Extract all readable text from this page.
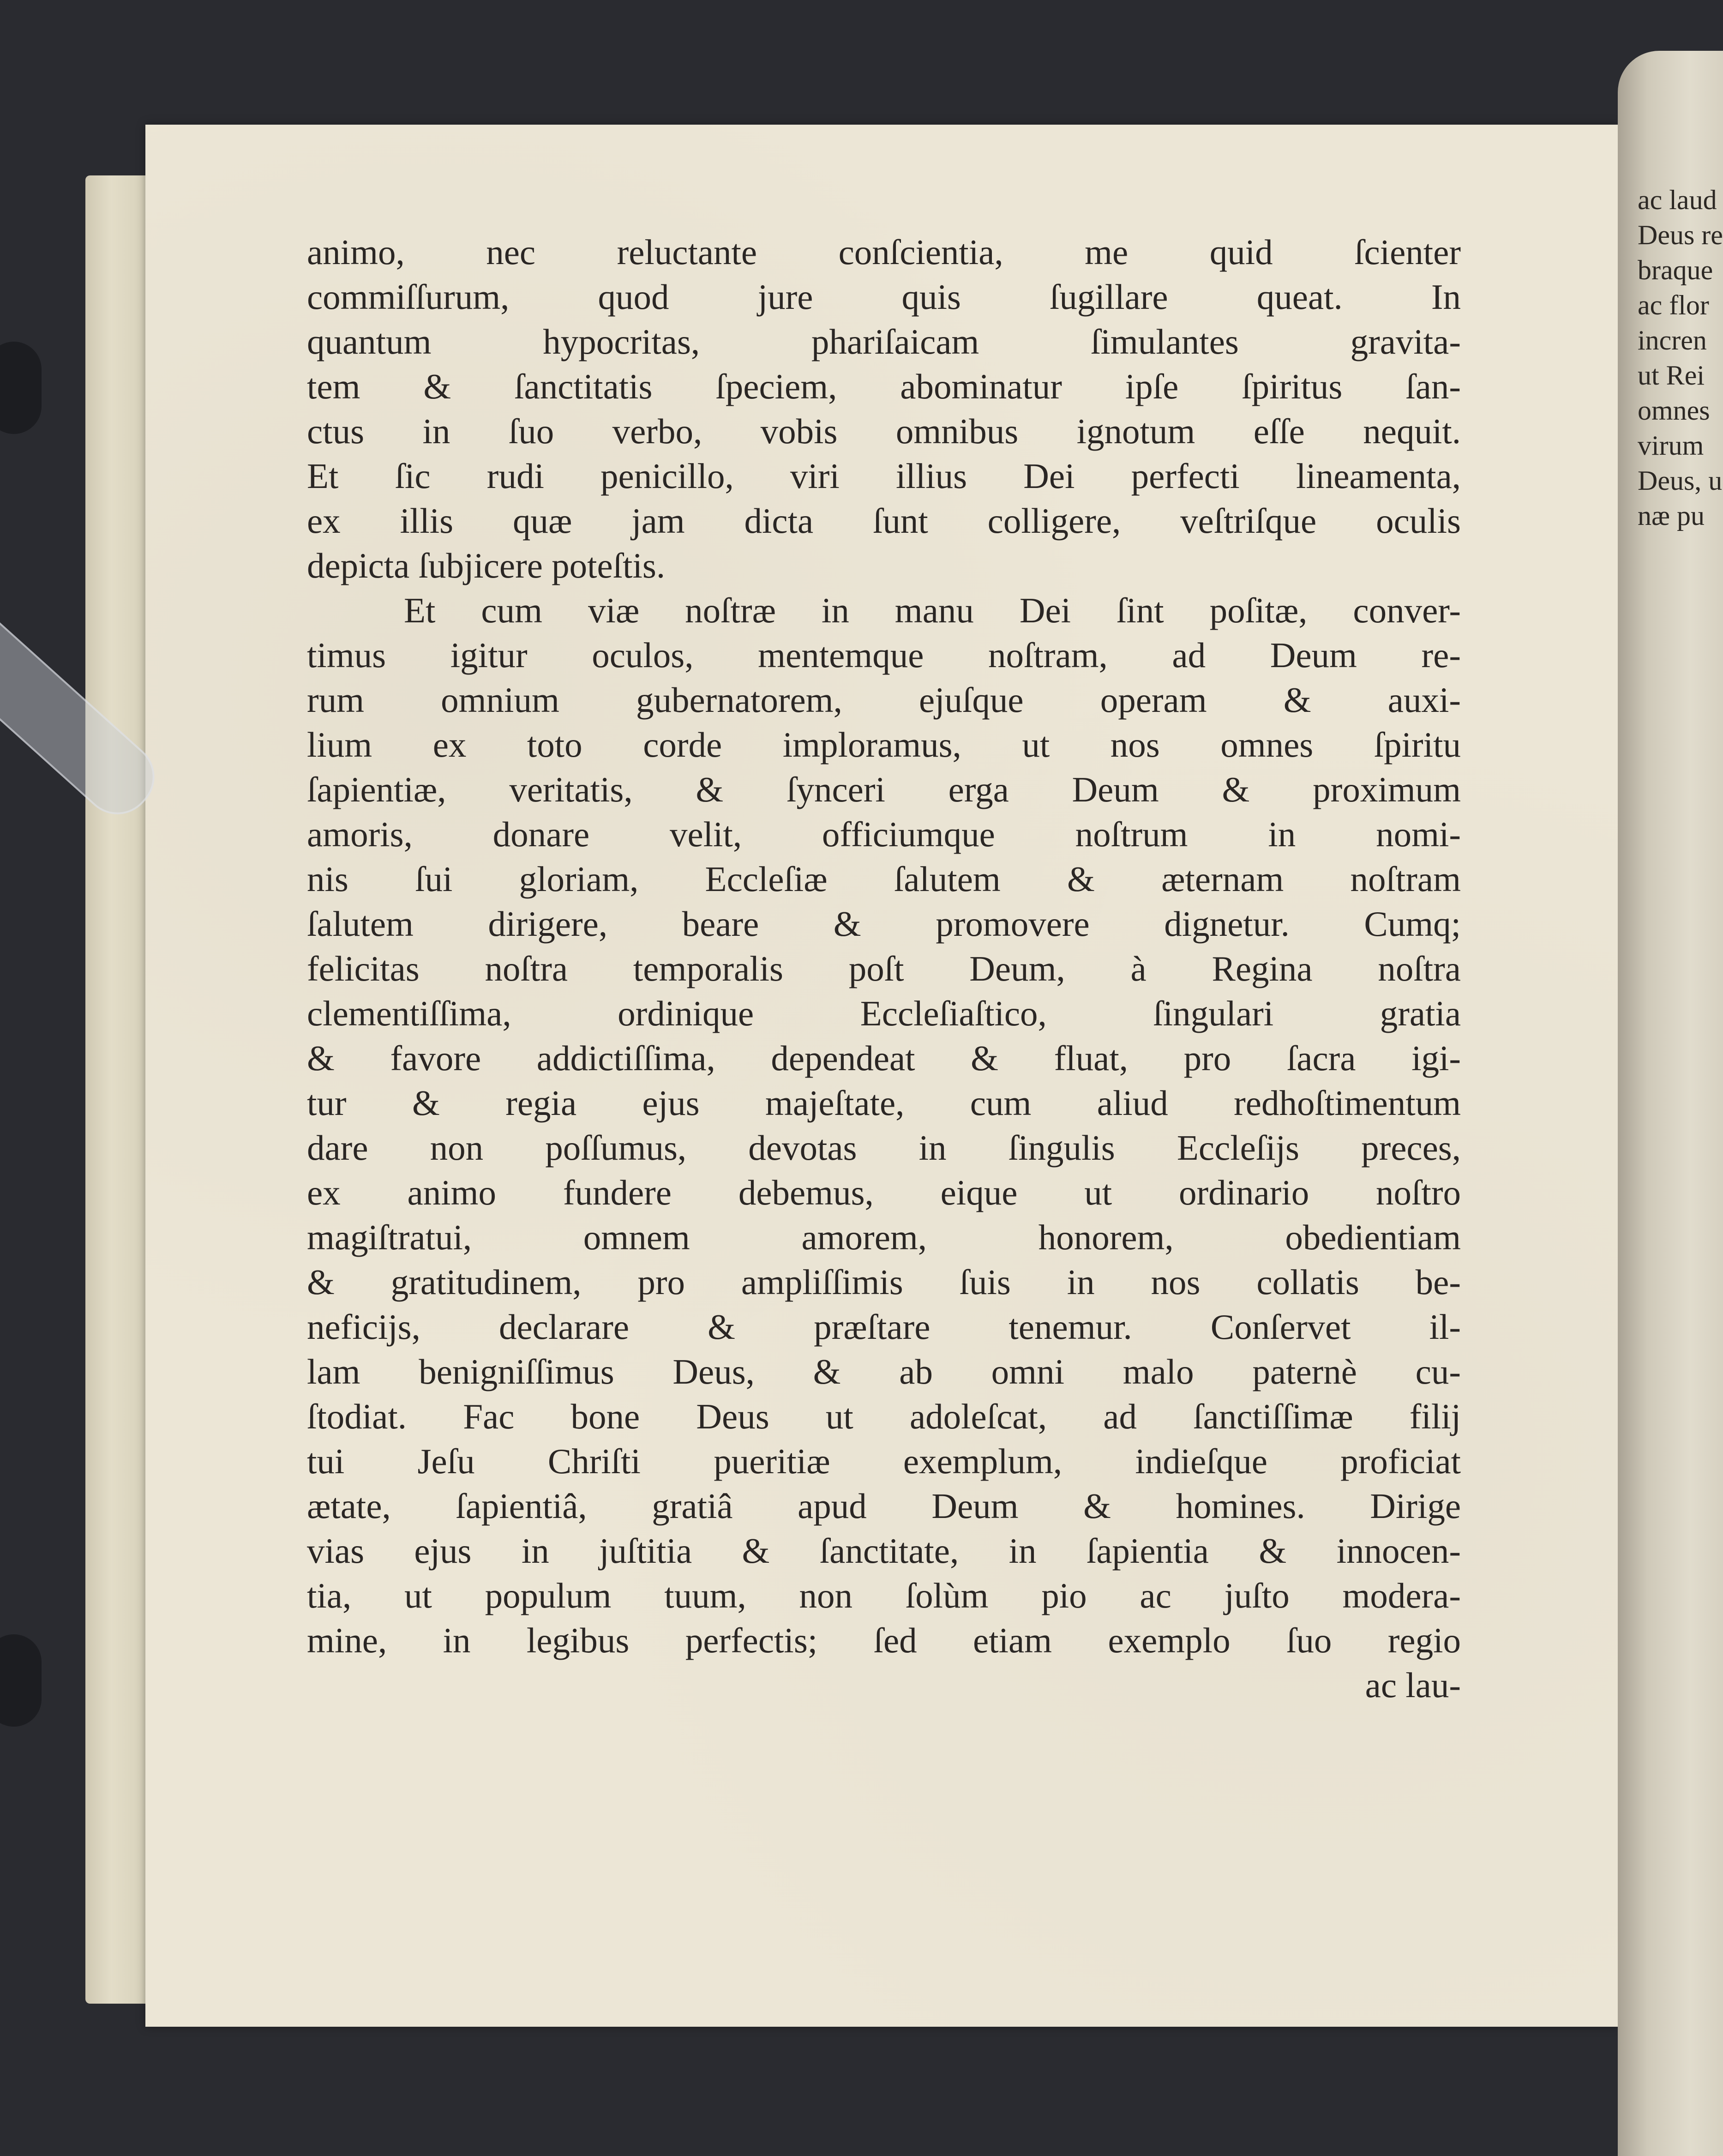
animo, nec reluctante conſcientia, me quid ſcienter
commiſſurum, quod jure quis ſugillare queat. In
quantum hypocritas, phariſaicam ſimulantes gravita-
tem & ſanctitatis ſpeciem, abominatur ipſe ſpiritus ſan-
ctus in ſuo verbo, vobis omnibus ignotum eſſe nequit.
Et ſic rudi penicillo, viri illius Dei perfecti lineamenta,
ex illis quæ jam dicta ſunt colligere, veſtriſque oculis
depicta ſubjicere poteſtis.
Et cum viæ noſtræ in manu Dei ſint poſitæ, conver-
timus igitur oculos, mentemque noſtram, ad Deum re-
rum omnium gubernatorem, ejuſque operam & auxi-
lium ex toto corde imploramus, ut nos omnes ſpiritu
ſapientiæ, veritatis, & ſynceri erga Deum & proximum
amoris, donare velit, officiumque noſtrum in nomi-
nis ſui gloriam, Eccleſiæ ſalutem & æternam noſtram
ſalutem dirigere, beare & promovere dignetur. Cumq;
felicitas noſtra temporalis poſt Deum, à Regina noſtra
clementiſſima, ordinique Eccleſiaſtico, ſingulari gratia
& favore addictiſſima, dependeat & fluat, pro ſacra igi-
tur & regia ejus majeſtate, cum aliud redhoſtimentum
dare non poſſumus, devotas in ſingulis Eccleſijs preces,
ex animo fundere debemus, eique ut ordinario noſtro
magiſtratui, omnem amorem, honorem, obedientiam
& gratitudinem, pro ampliſſimis ſuis in nos collatis be-
neficijs, declarare & præſtare tenemur. Conſervet il-
lam benigniſſimus Deus, & ab omni malo paternè cu-
ſtodiat. Fac bone Deus ut adoleſcat, ad ſanctiſſimæ filij
tui Jeſu Chriſti pueritiæ exemplum, indieſque proficiat
ætate, ſapientiâ, gratiâ apud Deum & homines. Dirige
vias ejus in juſtitia & ſanctitate, in ſapientia & innocen-
tia, ut populum tuum, non ſolùm pio ac juſto modera-
mine, in legibus perfectis; ſed etiam exemplo ſuo regio
ac lau-
ac laud
Deus re
braque
ac flor
incren
ut Rei
omnes
virum
Deus, u
næ pu
